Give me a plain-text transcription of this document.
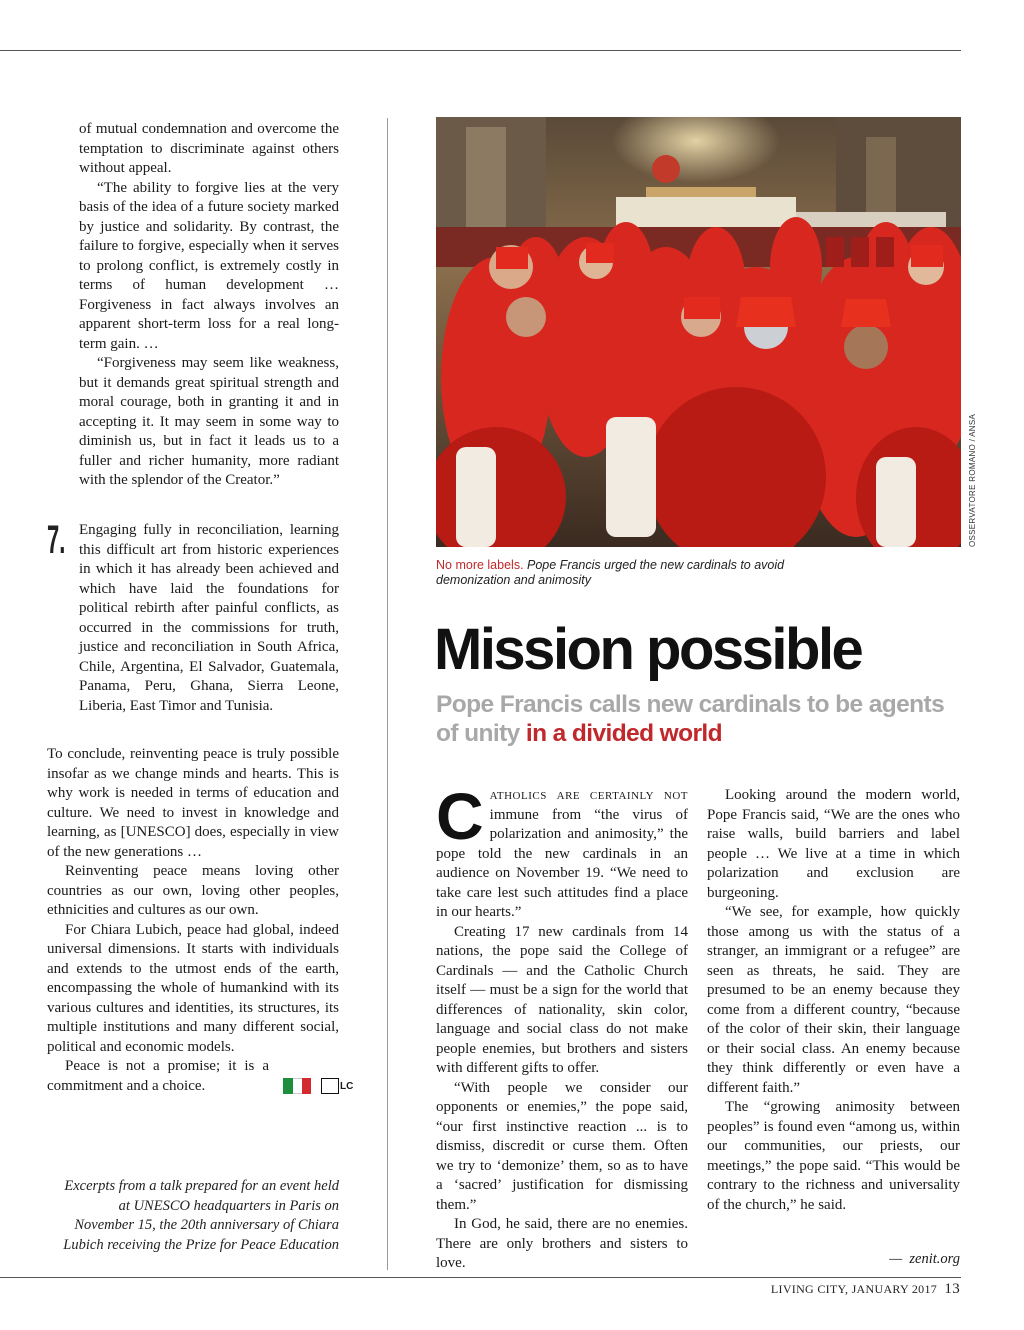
of mutual condemnation and overcome the temptation to discriminate against others without appeal.

“The ability to forgive lies at the very basis of the idea of a future society marked by justice and solidarity. By contrast, the failure to forgive, especially when it serves to prolong conflict, is extremely costly in terms of human development … Forgiveness in fact always involves an apparent short-term loss for a real long-term gain. …

“Forgiveness may seem like weakness, but it demands great spiritual strength and moral courage, both in granting it and in accepting it. It may seem in some way to diminish us, but in fact it leads us to a fuller and richer humanity, more radiant with the splendor of the Creator.”

7. Engaging fully in reconciliation, learning this difficult art from historic experiences in which it has already been achieved and which have laid the foundations for political rebirth after painful conflicts, as occurred in the commissions for truth, justice and reconciliation in South Africa, Chile, Argentina, El Salvador, Guatemala, Panama, Peru, Ghana, Sierra Leone, Liberia, East Timor and Tunisia.

To conclude, reinventing peace is truly possible insofar as we change minds and hearts. This is why work is needed in terms of education and culture. We need to invest in knowledge and learning, as [UNESCO] does, especially in view of the new generations …

Reinventing peace means loving other countries as our own, loving other peoples, ethnicities and cultures as our own.

For Chiara Lubich, peace had global, indeed universal dimensions. It starts with individuals and extends to the utmost ends of the earth, encompassing the whole of humankind with its various cultures and identities, its structures, its multiple institutions and many different social, political and economic models.

Peace is not a promise; it is a commitment and a choice.	LC

Excerpts from a talk prepared for an event held at UNESCO headquarters in Paris on November 15, the 20th anniversary of Chiara Lubich receiving the Prize for Peace Education
OSSERVATORE ROMANO / ANSA
No more labels. Pope Francis urged the new cardinals to avoid demonization and animosity
Mission possible
Pope Francis calls new cardinals to be agents of unity in a divided world

Catholics are certainly not immune from “the virus of polarization and animosity,” the pope told the new cardinals in an audience on November 19. “We need to take care lest such attitudes find a place in our hearts.”

Creating 17 new cardinals from 14 nations, the pope said the College of Cardinals — and the Catholic Church itself — must be a sign for the world that differences of nationality, skin color, language and social class do not make people enemies, but brothers and sisters with different gifts to offer.

“With people we consider our opponents or enemies,” the pope said, “our first instinctive reaction ... is to dismiss, discredit or curse them. Often we try to ‘demonize’ them, so as to have a ‘sacred’ justification for dismissing them.”

In God, he said, there are no enemies. There are only brothers and sisters to love.

Looking around the modern world, Pope Francis said, “We are the ones who raise walls, build barriers and label people … We live at a time in which polarization and exclusion are burgeoning.

“We see, for example, how quickly those among us with the status of a stranger, an immigrant or a refugee” are seen as threats, he said. They are presumed to be an enemy because they come from a different country, “because of the color of their skin, their language or their social class. An enemy because they think differently or even have a different faith.”

The “growing animosity between peoples” is found even “among us, within our communities, our priests, our meetings,” the pope said. “This would be contrary to the richness and universality of the church,” he said.

— zenit.org
LIVING CITY, JANUARY 2017 13
